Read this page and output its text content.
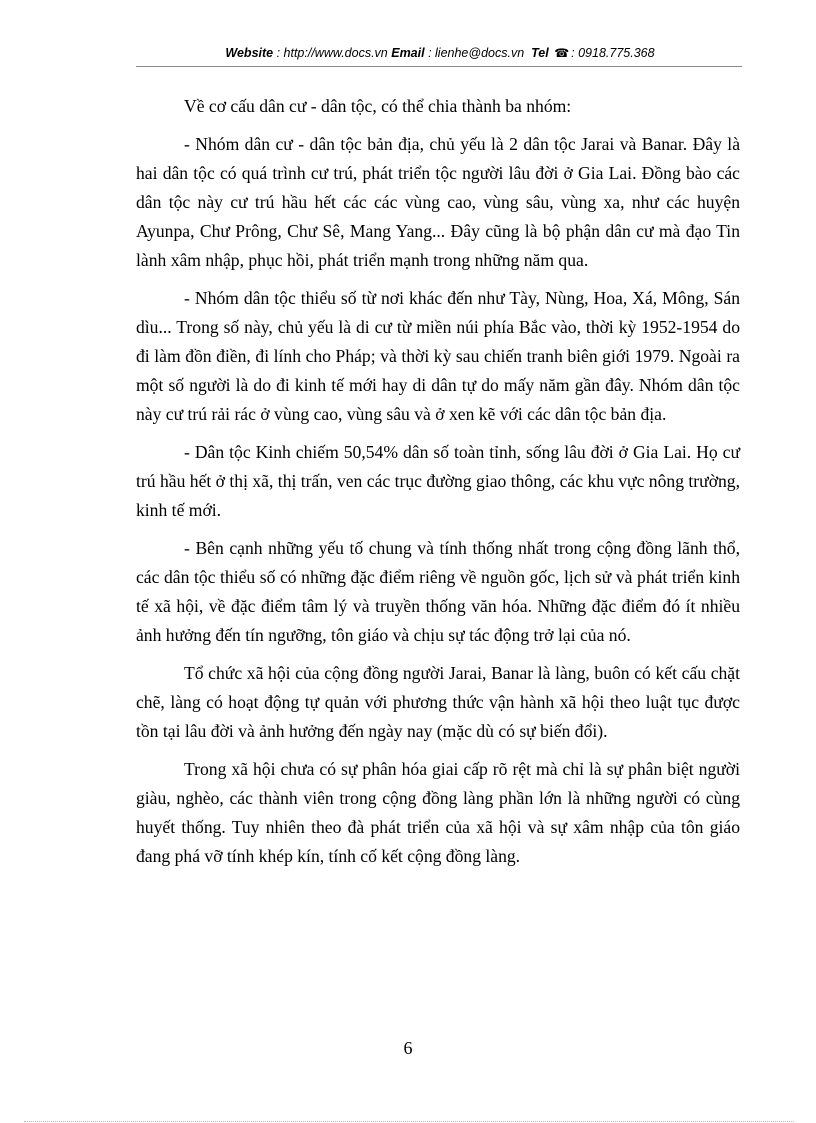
Website : http://www.docs.vn Email : lienhe@docs.vn Tel ☎ : 0918.775.368

Về cơ cấu dân cư - dân tộc, có thể chia thành ba nhóm:

- Nhóm dân cư - dân tộc bản địa, chủ yếu là 2 dân tộc Jarai và Banar. Đây là hai dân tộc có quá trình cư trú, phát triển tộc người lâu đời ở Gia Lai. Đồng bào các dân tộc này cư trú hầu hết các các vùng cao, vùng sâu, vùng xa, như các huyện Ayunpa, Chư Prông, Chư Sê, Mang Yang... Đây cũng là bộ phận dân cư mà đạo Tin lành xâm nhập, phục hồi, phát triển mạnh trong những năm qua.

- Nhóm dân tộc thiểu số từ nơi khác đến như Tày, Nùng, Hoa, Xá, Mông, Sán dìu... Trong số này, chủ yếu là di cư từ miền núi phía Bắc vào, thời kỳ 1952-1954 do đi làm đồn điền, đi lính cho Pháp; và thời kỳ sau chiến tranh biên giới 1979. Ngoài ra một số người là do đi kinh tế mới hay di dân tự do mấy năm gần đây. Nhóm dân tộc này cư trú rải rác ở vùng cao, vùng sâu và ở xen kẽ với các dân tộc bản địa.

- Dân tộc Kinh chiếm 50,54% dân số toàn tỉnh, sống lâu đời ở Gia Lai. Họ cư trú hầu hết ở thị xã, thị trấn, ven các trục đường giao thông, các khu vực nông trường, kinh tế mới.

- Bên cạnh những yếu tố chung và tính thống nhất trong cộng đồng lãnh thổ, các dân tộc thiểu số có những đặc điểm riêng về nguồn gốc, lịch sử và phát triển kinh tế xã hội, về đặc điểm tâm lý và truyền thống văn hóa. Những đặc điểm đó ít nhiều ảnh hưởng đến tín ngưỡng, tôn giáo và chịu sự tác động trở lại của nó.

Tổ chức xã hội của cộng đồng người Jarai, Banar là làng, buôn có kết cấu chặt chẽ, làng có hoạt động tự quản với phương thức vận hành xã hội theo luật tục được tồn tại lâu đời và ảnh hưởng đến ngày nay (mặc dù có sự biến đổi).

Trong xã hội chưa có sự phân hóa giai cấp rõ rệt mà chỉ là sự phân biệt người giàu, nghèo, các thành viên trong cộng đồng làng phần lớn là những người có cùng huyết thống. Tuy nhiên theo đà phát triển của xã hội và sự xâm nhập của tôn giáo đang phá vỡ tính khép kín, tính cố kết cộng đồng làng.

6
